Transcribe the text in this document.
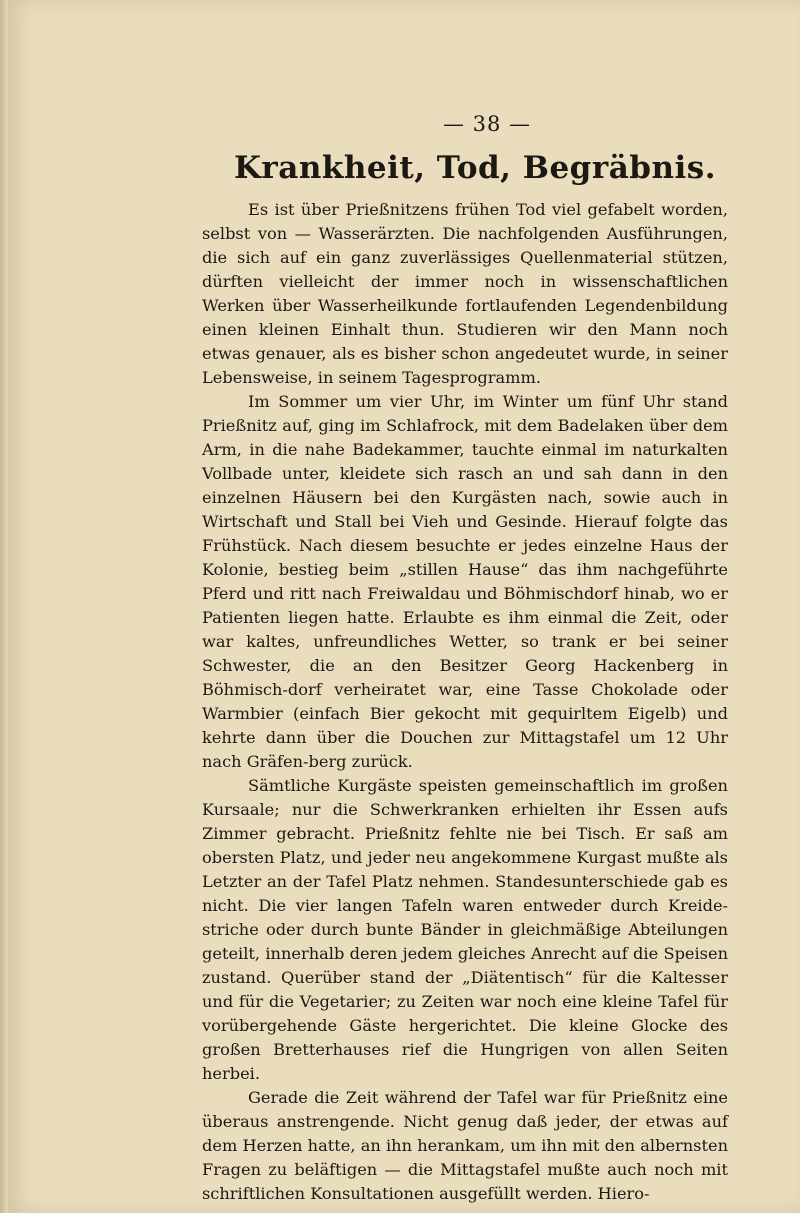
— 38 —
Krankheit, Tod, Begräbnis.

Es ist über Prießnitzens frühen Tod viel gefabelt worden, selbst von — Wasserärzten. Die nachfolgenden Ausführungen, die sich auf ein ganz zuverlässiges Quellenmaterial stützen, dürften vielleicht der immer noch in wissenschaftlichen Werken über Wasserheilkunde fortlaufenden Legendenbildung einen kleinen Einhalt thun. Studieren wir den Mann noch etwas genauer, als es bisher schon angedeutet wurde, in seiner Lebensweise, in seinem Tagesprogramm.

Im Sommer um vier Uhr, im Winter um fünf Uhr stand Prießnitz auf, ging im Schlafrock, mit dem Badelaken über dem Arm, in die nahe Badekammer, tauchte einmal im naturkalten Vollbade unter, kleidete sich rasch an und sah dann in den einzelnen Häusern bei den Kurgästen nach, sowie auch in Wirtschaft und Stall bei Vieh und Gesinde. Hierauf folgte das Frühstück. Nach diesem besuchte er jedes einzelne Haus der Kolonie, bestieg beim „stillen Hause“ das ihm nachgeführte Pferd und ritt nach Freiwaldau und Böhmischdorf hinab, wo er Patienten liegen hatte. Erlaubte es ihm einmal die Zeit, oder war kaltes, unfreundliches Wetter, so trank er bei seiner Schwester, die an den Besitzer Georg Hackenberg in Böhmisch-dorf verheiratet war, eine Tasse Chokolade oder Warmbier (einfach Bier gekocht mit gequirltem Eigelb) und kehrte dann über die Douchen zur Mittagstafel um 12 Uhr nach Gräfen-berg zurück.

Sämtliche Kurgäste speisten gemeinschaftlich im großen Kursaale; nur die Schwerkranken erhielten ihr Essen aufs Zimmer gebracht. Prießnitz fehlte nie bei Tisch. Er saß am obersten Platz, und jeder neu angekommene Kurgast mußte als Letzter an der Tafel Platz nehmen. Standesunterschiede gab es nicht. Die vier langen Tafeln waren entweder durch Kreide-striche oder durch bunte Bänder in gleichmäßige Abteilungen geteilt, innerhalb deren jedem gleiches Anrecht auf die Speisen zustand. Querüber stand der „Diätentisch“ für die Kaltesser und für die Vegetarier; zu Zeiten war noch eine kleine Tafel für vorübergehende Gäste hergerichtet. Die kleine Glocke des großen Bretterhauses rief die Hungrigen von allen Seiten herbei.

Gerade die Zeit während der Tafel war für Prießnitz eine überaus anstrengende. Nicht genug daß jeder, der etwas auf dem Herzen hatte, an ihn herankam, um ihn mit den albernsten Fragen zu beläftigen — die Mittagstafel mußte auch noch mit schriftlichen Konsultationen ausgefüllt werden. Hiero-
